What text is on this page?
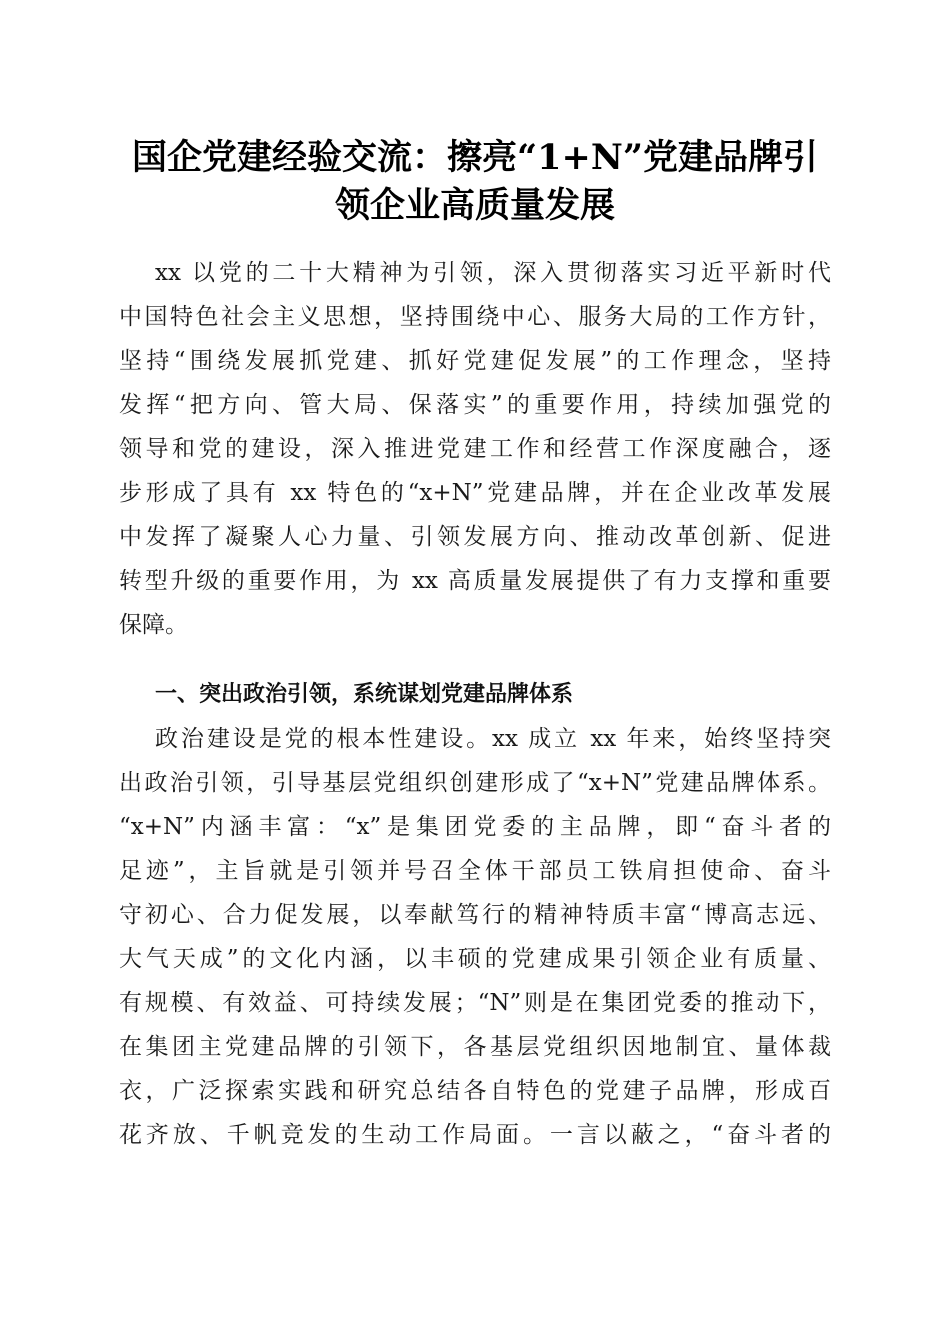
国企党建经验交流：擦亮“1+N”党建品牌引
领企业高质量发展
xx 以党的二十大精神为引领，深入贯彻落实习近平新时代
中国特色社会主义思想，坚持围绕中心、服务大局的工作方针，
坚持“围绕发展抓党建、抓好党建促发展”的工作理念，坚持
发挥“把方向、管大局、保落实”的重要作用，持续加强党的
领导和党的建设，深入推进党建工作和经营工作深度融合，逐
步形成了具有 xx 特色的“x+N”党建品牌，并在企业改革发展
中发挥了凝聚人心力量、引领发展方向、推动改革创新、促进
转型升级的重要作用，为 xx 高质量发展提供了有力支撑和重要
保障。
一、突出政治引领，系统谋划党建品牌体系
政治建设是党的根本性建设。xx 成立 xx 年来，始终坚持突
出政治引领，引导基层党组织创建形成了“x+N”党建品牌体系。
“x+N”内涵丰富：“x”是集团党委的主品牌，即“奋斗者的
足迹”，主旨就是引领并号召全体干部员工铁肩担使命、奋斗
守初心、合力促发展，以奉献笃行的精神特质丰富“博高志远、
大气天成”的文化内涵，以丰硕的党建成果引领企业有质量、
有规模、有效益、可持续发展；“N”则是在集团党委的推动下，
在集团主党建品牌的引领下，各基层党组织因地制宜、量体裁
衣，广泛探索实践和研究总结各自特色的党建子品牌，形成百
花齐放、千帆竞发的生动工作局面。一言以蔽之，“奋斗者的
